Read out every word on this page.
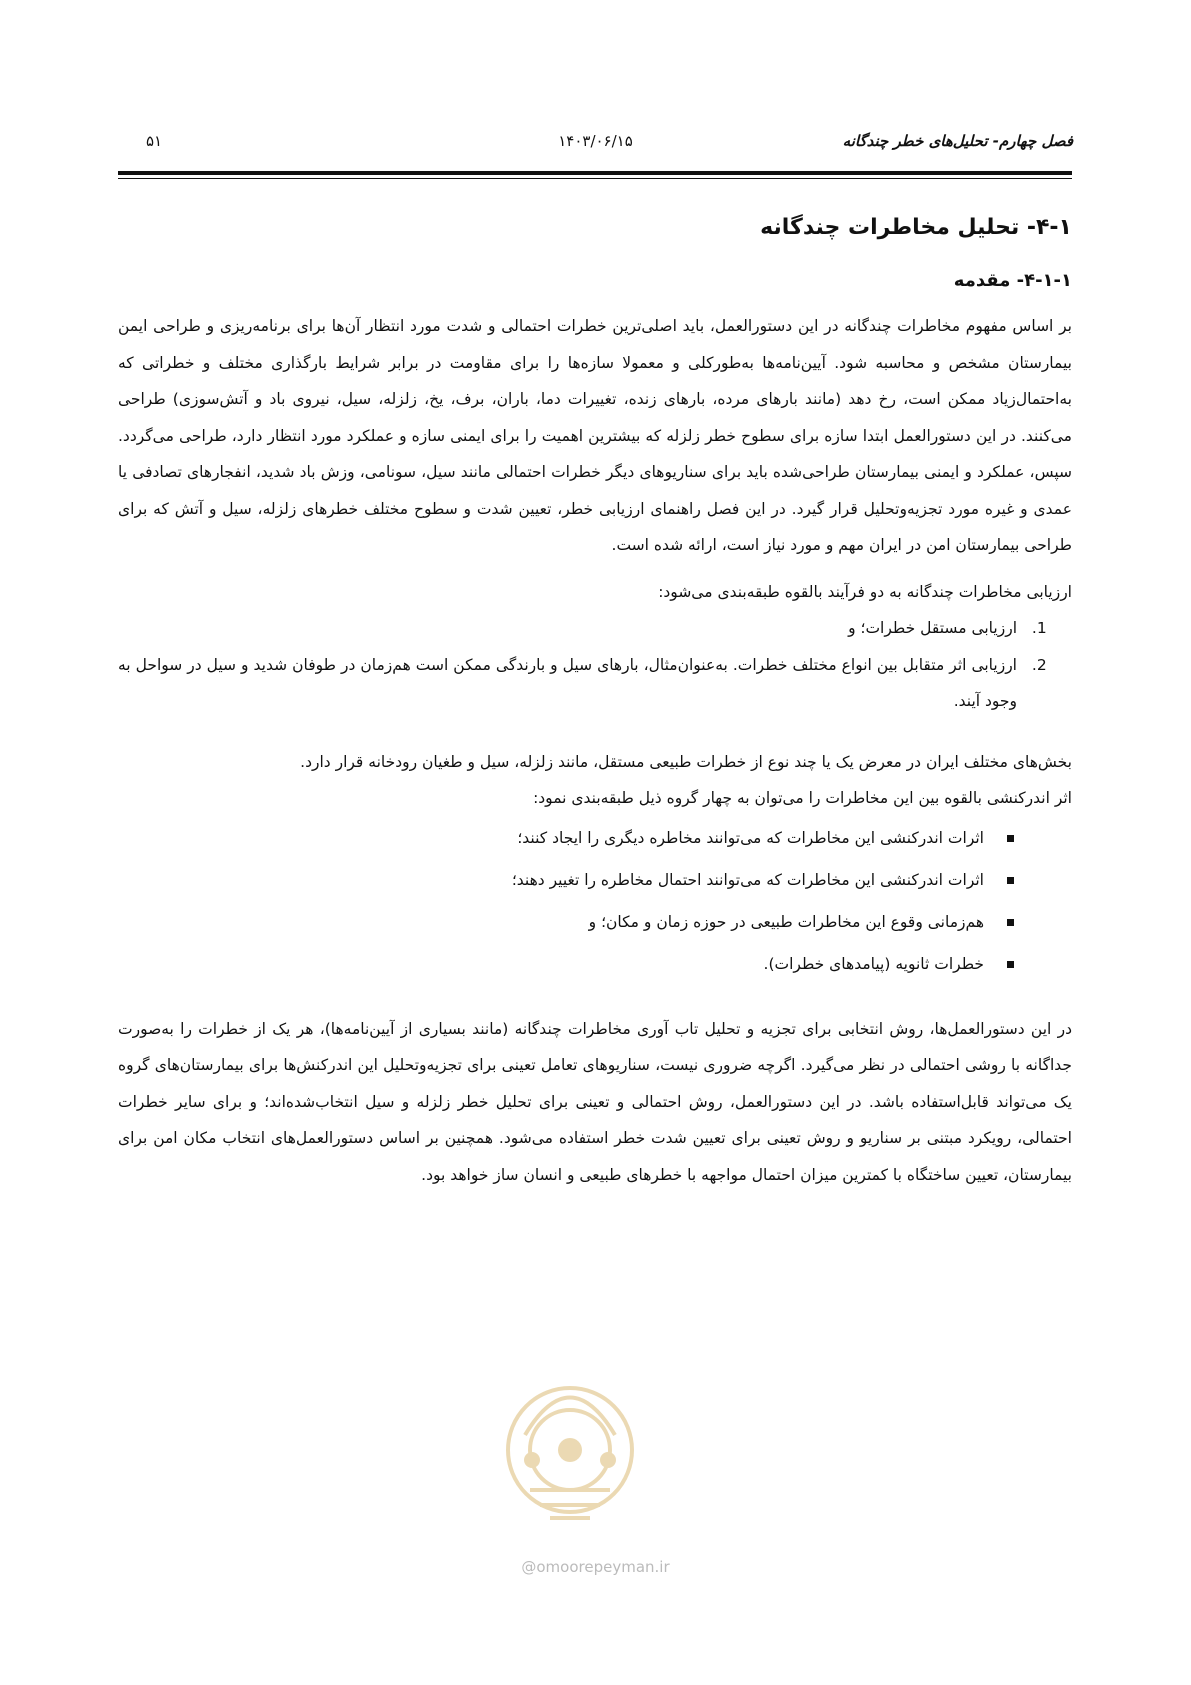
فصل چهارم- تحلیل‌های خطر چندگانه
۱۴۰۳/۰۶/۱۵
۵۱
۴-۱- تحلیل مخاطرات چندگانه
۴-۱-۱- مقدمه

بر اساس مفهوم مخاطرات چندگانه در این دستورالعمل، باید اصلی‌ترین خطرات احتمالی و شدت مورد انتظار آن‌ها برای برنامه‌ریزی و طراحی ایمن بیمارستان مشخص و محاسبه شود. آیین‌نامه‌ها به‌طورکلی و معمولا سازه‌ها را برای مقاومت در برابر شرایط بارگذاری مختلف و خطراتی که به‌احتمال‌زیاد ممکن است، رخ دهد (مانند بارهای مرده، بارهای زنده، تغییرات دما، باران، برف، یخ، زلزله، سیل، نیروی باد و آتش‌سوزی) طراحی می‌کنند. در این دستورالعمل ابتدا سازه برای سطوح خطر زلزله که بیشترین اهمیت را برای ایمنی سازه و عملکرد مورد انتظار دارد، طراحی می‌گردد. سپس، عملکرد و ایمنی بیمارستان طراحی‌شده باید برای سناریوهای دیگر خطرات احتمالی مانند سیل، سونامی، وزش باد شدید، انفجارهای تصادفی یا عمدی و غیره مورد تجزیه‌وتحلیل قرار گیرد. در این فصل راهنمای ارزیابی خطر، تعیین شدت و سطوح مختلف خطرهای زلزله، سیل و آتش که برای طراحی بیمارستان امن در ایران مهم و مورد نیاز است، ارائه شده است.

ارزیابی مخاطرات چندگانه به دو فرآیند بالقوه طبقه‌بندی می‌شود:

1. ارزیابی مستقل خطرات؛ و
2. ارزیابی اثر متقابل بین انواع مختلف خطرات. به‌عنوان‌مثال، بارهای سیل و بارندگی ممکن است هم‌زمان در طوفان شدید و سیل در سواحل به وجود آیند.

بخش‌های مختلف ایران در معرض یک یا چند نوع از خطرات طبیعی مستقل، مانند زلزله، سیل و طغیان رودخانه قرار دارد.

اثر اندرکنشی بالقوه بین این مخاطرات را می‌توان به چهار گروه ذیل طبقه‌بندی نمود:

اثرات اندرکنشی این مخاطرات که می‌توانند مخاطره دیگری را ایجاد کنند؛
اثرات اندرکنشی این مخاطرات که می‌توانند احتمال مخاطره را تغییر دهند؛
هم‌زمانی وقوع این مخاطرات طبیعی در حوزه زمان و مکان؛ و
خطرات ثانویه (پیامدهای خطرات).

در این دستورالعمل‌ها، روش انتخابی برای تجزیه و تحلیل تاب آوری مخاطرات چندگانه (مانند بسیاری از آیین‌نامه‌ها)، هر یک از خطرات را به‌صورت جداگانه با روشی احتمالی در نظر می‌گیرد. اگرچه ضروری نیست، سناریوهای تعامل تعینی برای تجزیه‌وتحلیل این اندرکنش‌ها برای بیمارستان‌های گروه یک می‌تواند قابل‌استفاده باشد. در این دستورالعمل، روش احتمالی و تعینی برای تحلیل خطر زلزله و سیل انتخاب‌شده‌اند؛ و برای سایر خطرات احتمالی، رویکرد مبتنی بر سناریو و روش تعینی برای تعیین شدت خطر استفاده می‌شود. همچنین بر اساس دستورالعمل‌های انتخاب مکان امن برای بیمارستان، تعیین ساختگاه با کمترین میزان احتمال مواجهه با خطرهای طبیعی و انسان ساز خواهد بود.

@omoorepeyman.ir
